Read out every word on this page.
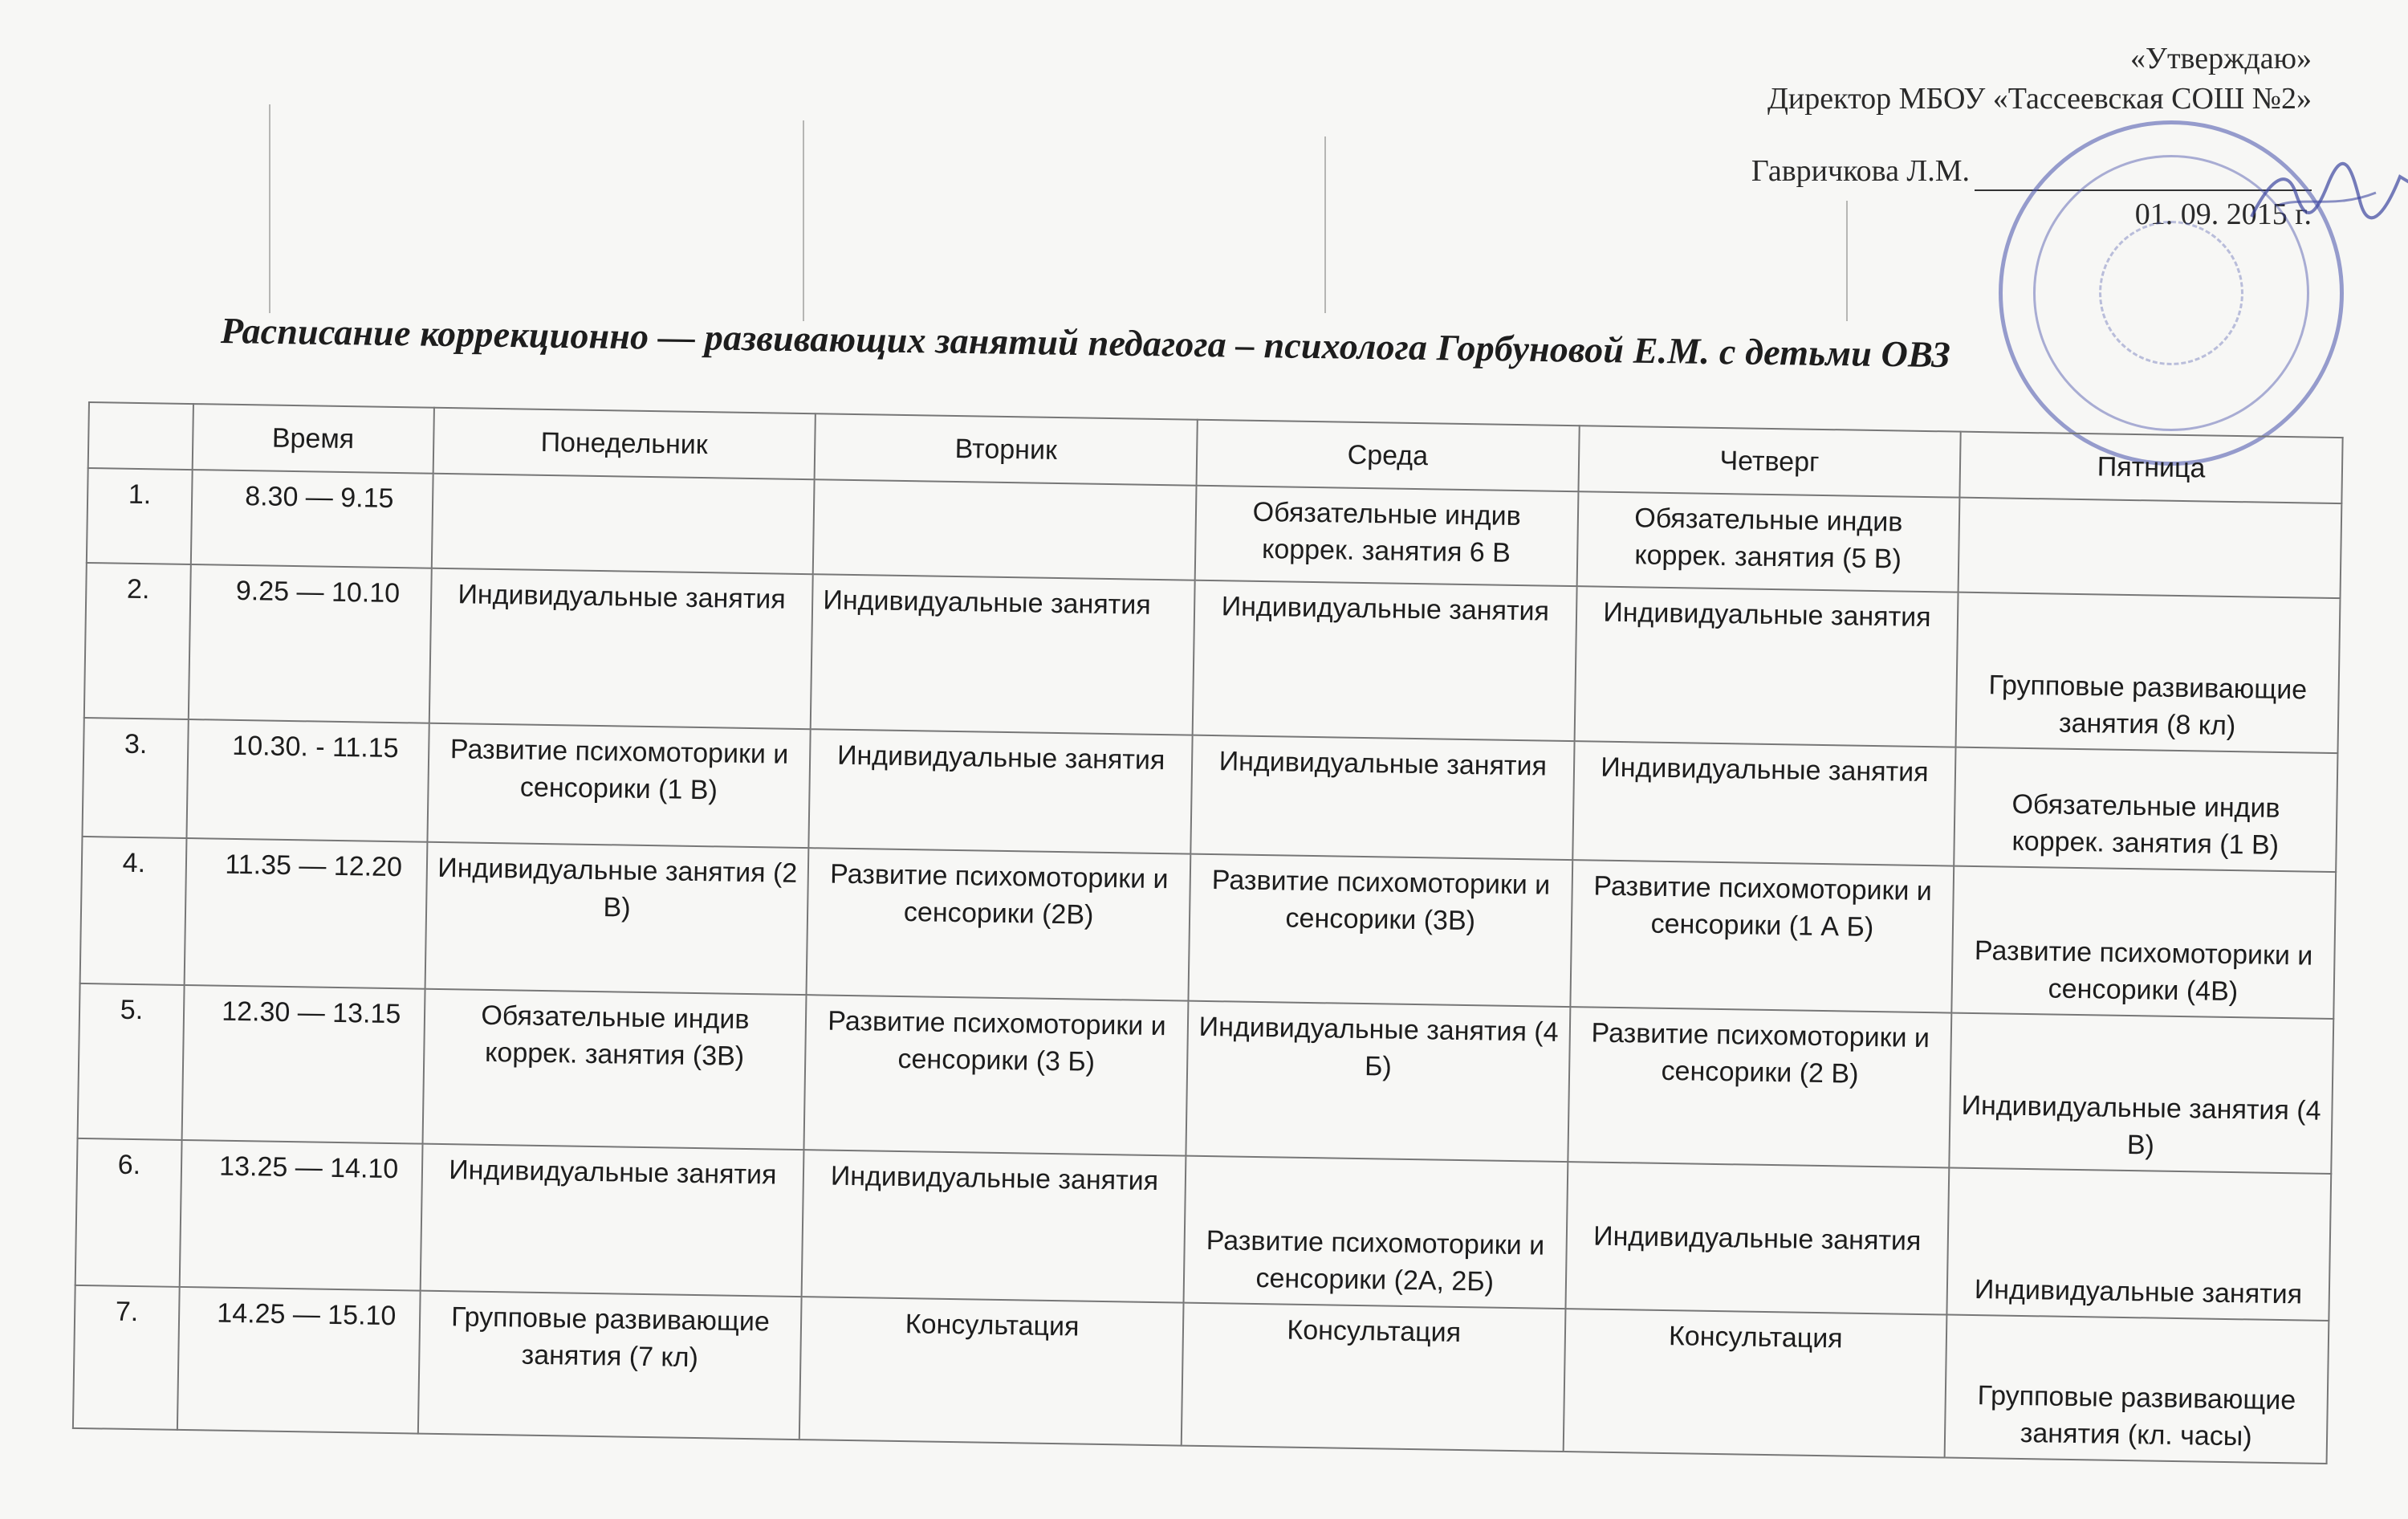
«Утверждаю»
Директор МБОУ «Тассеевская СОШ №2»
Гавричкова Л.М.
01. 09. 2015 г.
Расписание коррекционно — развивающих занятий педагога – психолога Горбуновой Е.М. с детьми ОВЗ
	Время	Понедельник	Вторник	Среда	Четверг	Пятница
1.	8.30 — 9.15			Обязательные индив коррек. занятия 6 В	Обязательные индив коррек. занятия (5 В)	
2.	9.25 — 10.10	Индивидуальные занятия	Индивидуальные занятия	Индивидуальные занятия	Индивидуальные занятия	Групповые развивающие занятия (8 кл)
3.	10.30. - 11.15	Развитие психомоторики и сенсорики (1 В)	Индивидуальные занятия	Индивидуальные занятия	Индивидуальные занятия	Обязательные индив коррек. занятия (1 В)
4.	11.35 — 12.20	Индивидуальные занятия (2 В)	Развитие психомоторики и сенсорики (2В)	Развитие психомоторики и сенсорики (3В)	Развитие психомоторики и сенсорики (1 А Б)	Развитие психомоторики и сенсорики (4В)
5.	12.30 — 13.15	Обязательные индив коррек. занятия (3В)	Развитие психомоторики и сенсорики (3 Б)	Индивидуальные занятия (4 Б)	Развитие психомоторики и сенсорики (2 В)	Индивидуальные занятия (4 В)
6.	13.25 — 14.10	Индивидуальные занятия	Индивидуальные занятия	Развитие психомоторики и сенсорики (2А, 2Б)	Индивидуальные занятия	Индивидуальные занятия
7.	14.25 — 15.10	Групповые развивающие занятия (7 кл)	Консультация	Консультация	Консультация	Групповые развивающие занятия (кл. часы)
